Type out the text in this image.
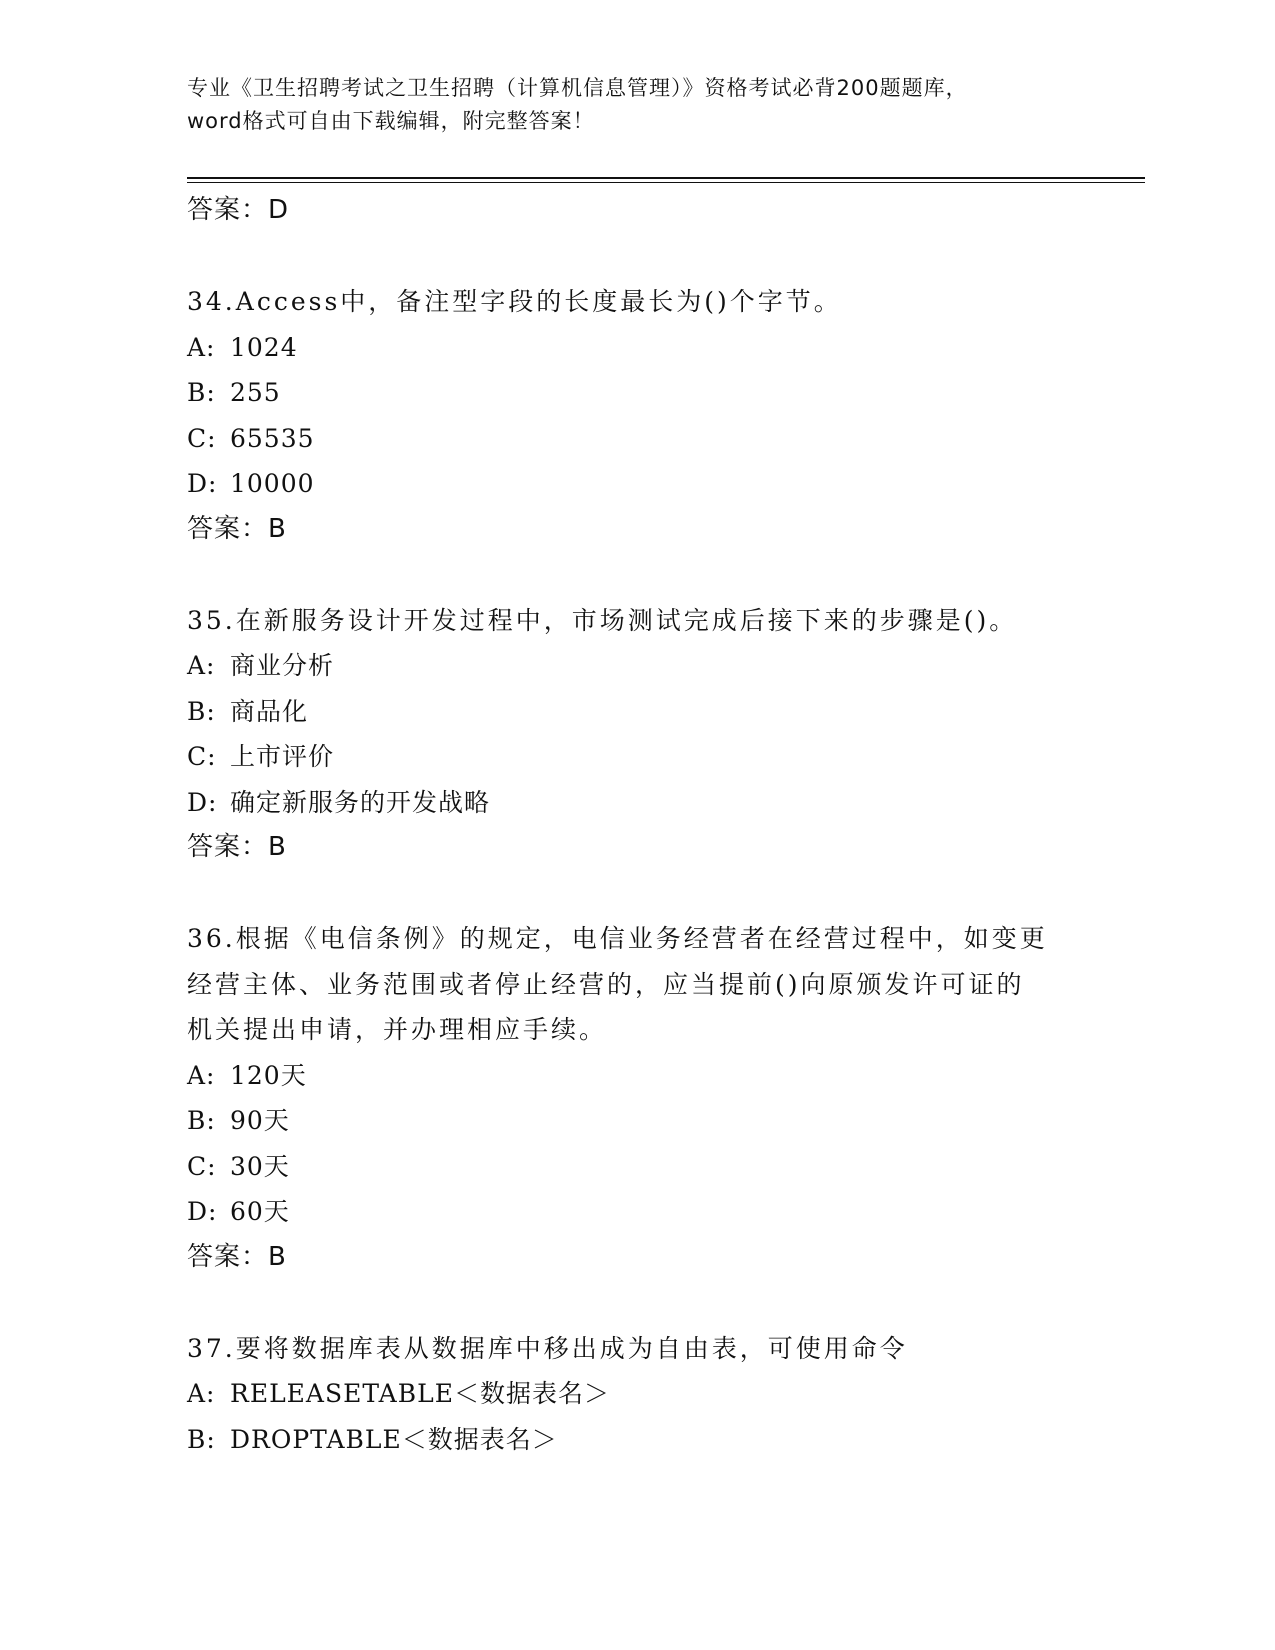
专业《卫生招聘考试之卫生招聘（计算机信息管理）》资格考试必背200题题库，
word格式可自由下载编辑，附完整答案！
答案：D
34.Access中，备注型字段的长度最长为()个字节。
A: 1024
B: 255
C: 65535
D: 10000
答案：B
35.在新服务设计开发过程中，市场测试完成后接下来的步骤是()。
A: 商业分析
B: 商品化
C: 上市评价
D: 确定新服务的开发战略
答案：B
36.根据《电信条例》的规定，电信业务经营者在经营过程中，如变更
经营主体、业务范围或者停止经营的，应当提前()向原颁发许可证的
机关提出申请，并办理相应手续。
A: 120天
B: 90天
C: 30天
D: 60天
答案：B
37.要将数据库表从数据库中移出成为自由表，可使用命令
A: RELEASETABLE＜数据表名＞
B: DROPTABLE＜数据表名＞
